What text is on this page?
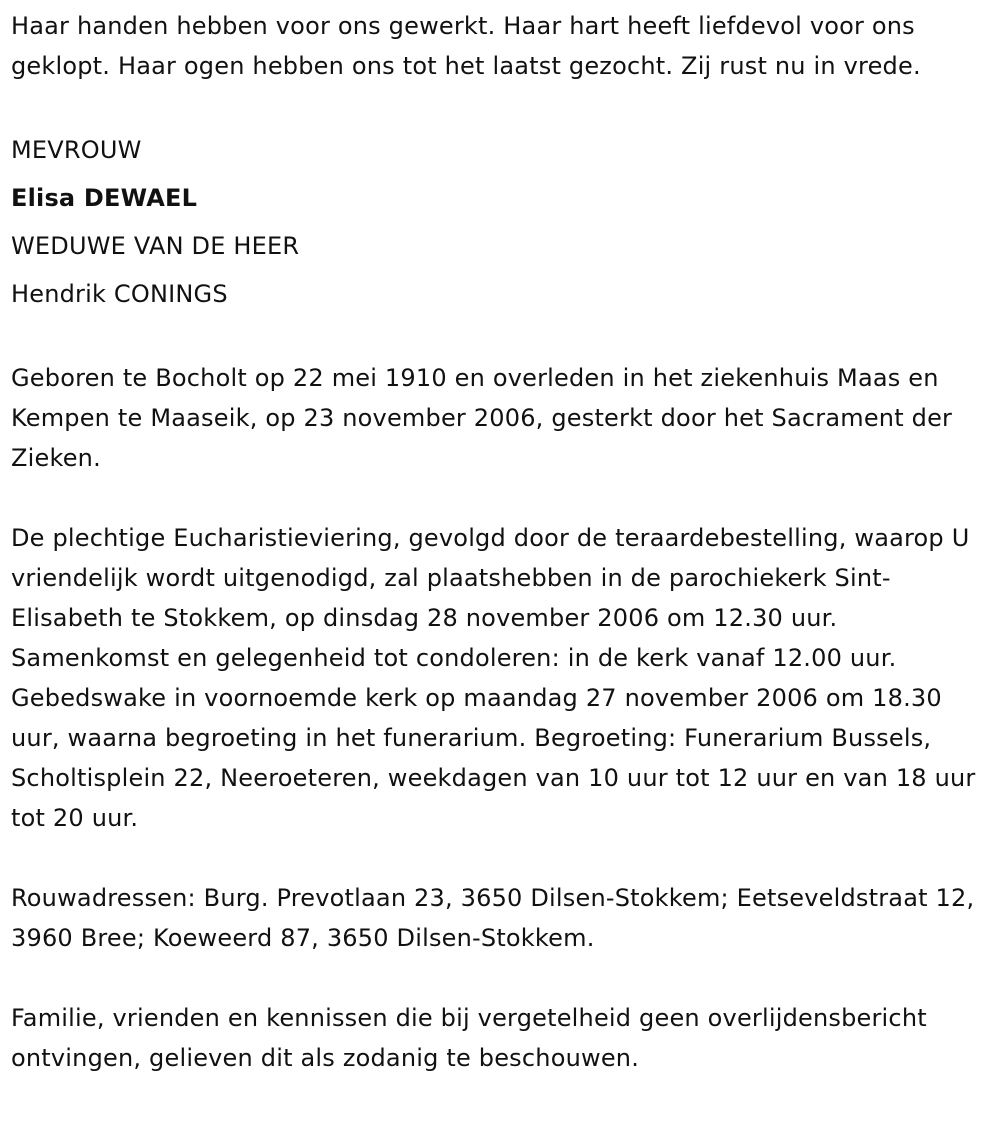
Haar handen hebben voor ons gewerkt. Haar hart heeft liefdevol voor ons geklopt. Haar ogen hebben ons tot het laatst gezocht. Zij rust nu in vrede.

MEVROUW

Elisa DEWAEL

WEDUWE VAN DE HEER

Hendrik CONINGS

Geboren te Bocholt op 22 mei 1910 en overleden in het ziekenhuis Maas en Kempen te Maaseik, op 23 november 2006, gesterkt door het Sacrament der Zieken.

De plechtige Eucharistieviering, gevolgd door de teraardebestelling, waarop U vriendelijk wordt uitgenodigd, zal plaatshebben in de parochiekerk Sint-Elisabeth te Stokkem, op dinsdag 28 november 2006 om 12.30 uur. Samenkomst en gelegenheid tot condoleren: in de kerk vanaf 12.00 uur. Gebedswake in voornoemde kerk op maandag 27 november 2006 om 18.30 uur, waarna begroeting in het funerarium. Begroeting: Funerarium Bussels, Scholtisplein 22, Neeroeteren, weekdagen van 10 uur tot 12 uur en van 18 uur tot 20 uur.

Rouwadressen: Burg. Prevotlaan 23, 3650 Dilsen-Stokkem; Eetseveldstraat 12, 3960 Bree; Koeweerd 87, 3650 Dilsen-Stokkem.

Familie, vrienden en kennissen die bij vergetelheid geen overlijdensbericht ontvingen, gelieven dit als zodanig te beschouwen.
